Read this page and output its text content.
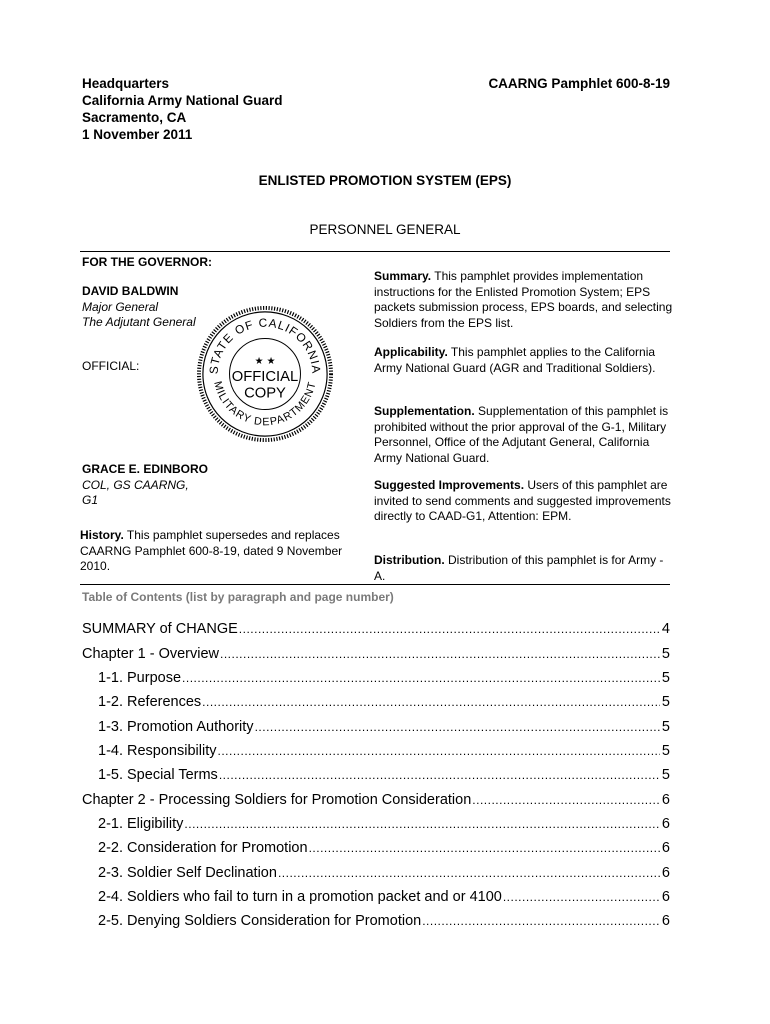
Headquarters
California Army National Guard
Sacramento, CA
1 November 2011
CAARNG Pamphlet 600-8-19
ENLISTED PROMOTION SYSTEM (EPS)
PERSONNEL GENERAL
FOR THE GOVERNOR:
DAVID BALDWIN
Major General
The Adjutant General
OFFICIAL:
GRACE E. EDINBORO
COL, GS CAARNG,
G1
History. This pamphlet supersedes and replaces CAARNG Pamphlet 600-8-19, dated 9 November 2010.
STATE OF CALIFORNIA
MILITARY DEPARTMENT
★ ★
OFFICIAL
COPY
Summary. This pamphlet provides implementation instructions for the Enlisted Promotion System; EPS packets submission process, EPS boards, and selecting Soldiers from the EPS list.
Applicability. This pamphlet applies to the California Army National Guard (AGR and Traditional Soldiers).
Supplementation. Supplementation of this pamphlet is prohibited without the prior approval of the G-1, Military Personnel, Office of the Adjutant General, California Army National Guard.
Suggested Improvements. Users of this pamphlet are invited to send comments and suggested improvements directly to CAAD-G1, Attention: EPM.
Distribution. Distribution of this pamphlet is for Army - A.
Table of Contents (list by paragraph and page number)
SUMMARY of CHANGE .....	4
Chapter 1 - Overview .....	5
1-1. Purpose .....	5
1-2. References .....	5
1-3. Promotion Authority .....	5
1-4. Responsibility .....	5
1-5. Special Terms .....	5
Chapter 2 - Processing Soldiers for Promotion Consideration .....	6
2-1. Eligibility .....	6
2-2. Consideration for Promotion .....	6
2-3. Soldier Self Declination .....	6
2-4. Soldiers who fail to turn in a promotion packet and or 4100 .....	6
2-5. Denying Soldiers Consideration for Promotion .....	6
